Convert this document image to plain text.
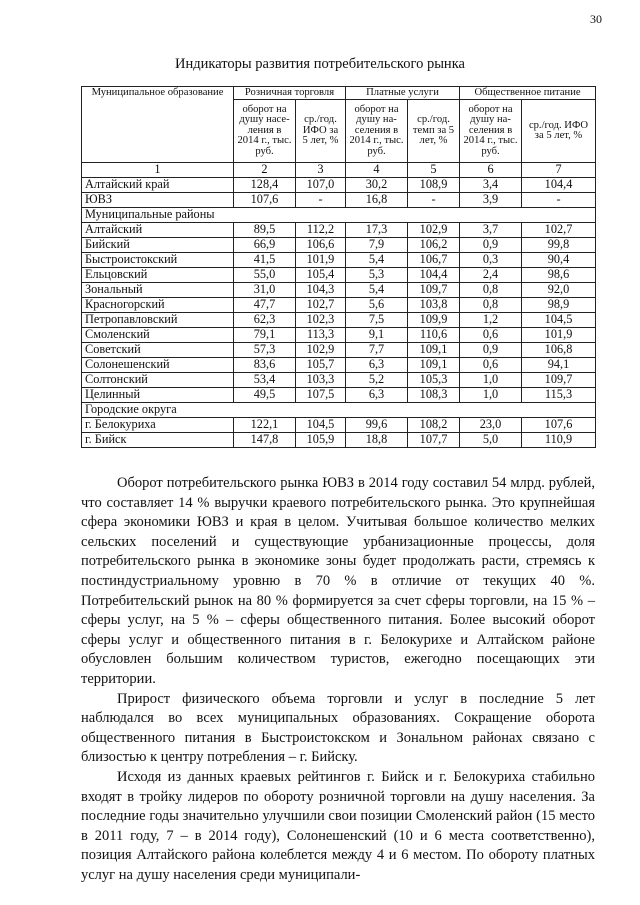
30
Индикаторы развития потребительского рынка
Муниципальное образование	Розничная торговля		Платные услуги		Общественное питание	
	оборот на душу насе-ления в 2014 г., тыс. руб.	ср./год. ИФО за 5 лет, %	оборот на душу на-селения в 2014 г., тыс. руб.	ср./год. темп за 5 лет, %	оборот на душу на-селения в 2014 г., тыс. руб.	ср./год. ИФО за 5 лет, %
1	2	3	4	5	6	7
Алтайский край	128,4	107,0	30,2	108,9	3,4	104,4
ЮВЗ	107,6	-	16,8	-	3,9	-
Муниципальные районы						
Алтайский	89,5	112,2	17,3	102,9	3,7	102,7
Бийский	66,9	106,6	7,9	106,2	0,9	99,8
Быстроистокский	41,5	101,9	5,4	106,7	0,3	90,4
Ельцовский	55,0	105,4	5,3	104,4	2,4	98,6
Зональный	31,0	104,3	5,4	109,7	0,8	92,0
Красногорский	47,7	102,7	5,6	103,8	0,8	98,9
Петропавловский	62,3	102,3	7,5	109,9	1,2	104,5
Смоленский	79,1	113,3	9,1	110,6	0,6	101,9
Советский	57,3	102,9	7,7	109,1	0,9	106,8
Солонешенский	83,6	105,7	6,3	109,1	0,6	94,1
Солтонский	53,4	103,3	5,2	105,3	1,0	109,7
Целинный	49,5	107,5	6,3	108,3	1,0	115,3
Городские округа						
г. Белокуриха	122,1	104,5	99,6	108,2	23,0	107,6
г. Бийск	147,8	105,9	18,8	107,7	5,0	110,9

Оборот потребительского рынка ЮВЗ в 2014 году составил 54 млрд. рублей, что составляет 14 % выручки краевого потребительского рынка. Это крупнейшая сфера экономики ЮВЗ и края в целом. Учитывая большое количество мелких сельских поселений и существующие урбанизационные процессы, доля потребительского рынка в экономике зоны будет продолжать расти, стремясь к постиндустриальному уровню в 70 % в отличие от текущих 40 %. Потребительский рынок на 80 % формируется за счет сферы торговли, на 15 % – сферы услуг, на 5 % – сферы общественного питания. Более высокий оборот сферы услуг и общественного питания в г. Белокурихе и Алтайском районе обусловлен большим количеством туристов, ежегодно посещающих эти территории.

Прирост физического объема торговли и услуг в последние 5 лет наблюдался во всех муниципальных образованиях. Сокращение оборота общественного питания в Быстроистокском и Зональном районах связано с близостью к центру потребления – г. Бийску.

Исходя из данных краевых рейтингов г. Бийск и г. Белокуриха стабильно входят в тройку лидеров по обороту розничной торговли на душу населения. За последние годы значительно улучшили свои позиции Смоленский район (15 место в 2011 году, 7 – в 2014 году), Солонешенский (10 и 6 места соответственно), позиция Алтайского района колеблется между 4 и 6 местом. По обороту платных услуг на душу населения среди муниципали-
